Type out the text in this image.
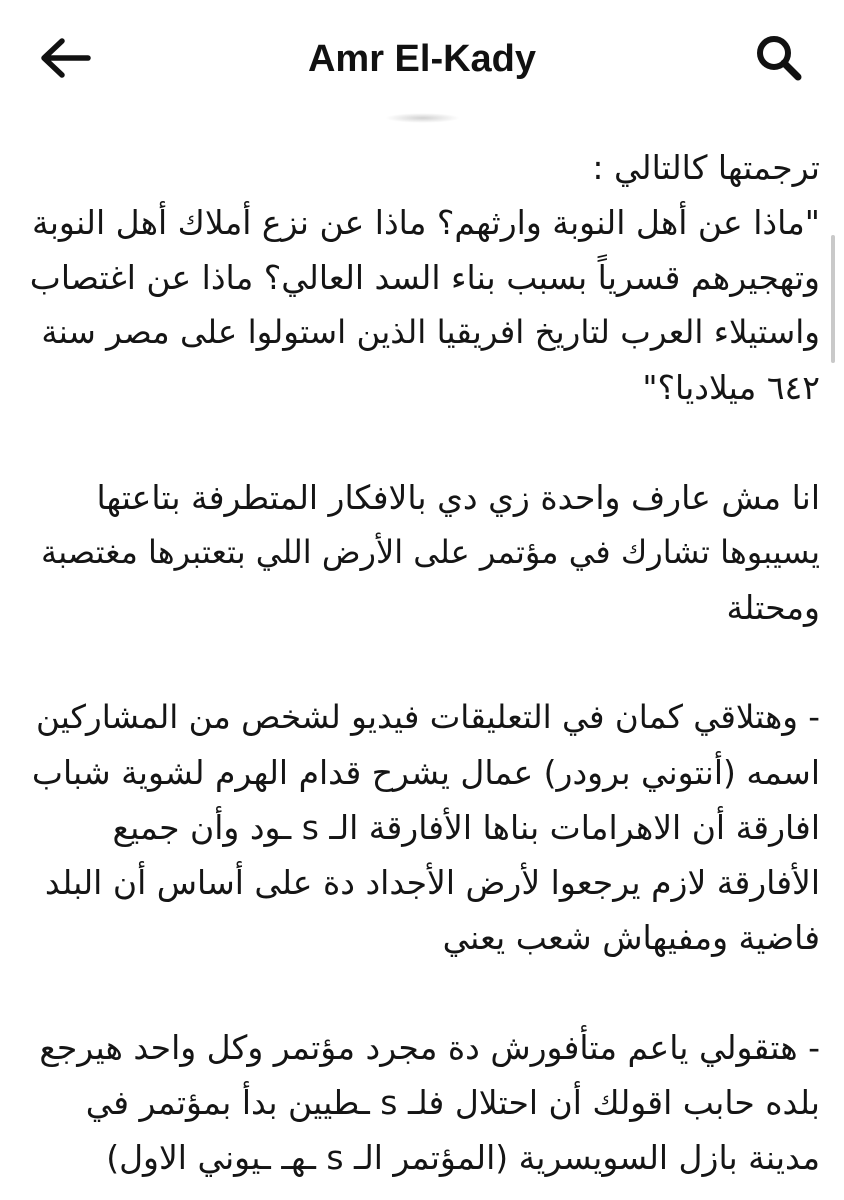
Amr El-Kady

ترجمتها كالتالي :
"ماذا عن أهل النوبة وارثهم؟ ماذا عن نزع أملاك أهل النوبة
وتهجيرهم قسرياً بسبب بناء السد العالي؟ ماذا عن اغتصاب
واستيلاء العرب لتاريخ افريقيا الذين استولوا على مصر سنة
٦٤٢ ميلاديا؟"

انا مش عارف واحدة زي دي بالافكار المتطرفة بتاعتها
يسيبوها تشارك في مؤتمر على الأرض اللي بتعتبرها مغتصبة
ومحتلة

- وهتلاقي كمان في التعليقات فيديو لشخص من المشاركين
اسمه (أنتوني برودر) عمال يشرح قدام الهرم لشوية شباب
افارقة أن الاهرامات بناها الأفارقة الـ s ـود وأن جميع
الأفارقة لازم يرجعوا لأرض الأجداد دة على أساس أن البلد
فاضية ومفيهاش شعب يعني

- هتقولي ياعم متأفورش دة مجرد مؤتمر وكل واحد هيرجع
بلده حابب اقولك أن احتلال فلـ s ـطيين بدأ بمؤتمر في
مدينة بازل السويسرية (المؤتمر الـ s ـهـ ـيوني الاول)
